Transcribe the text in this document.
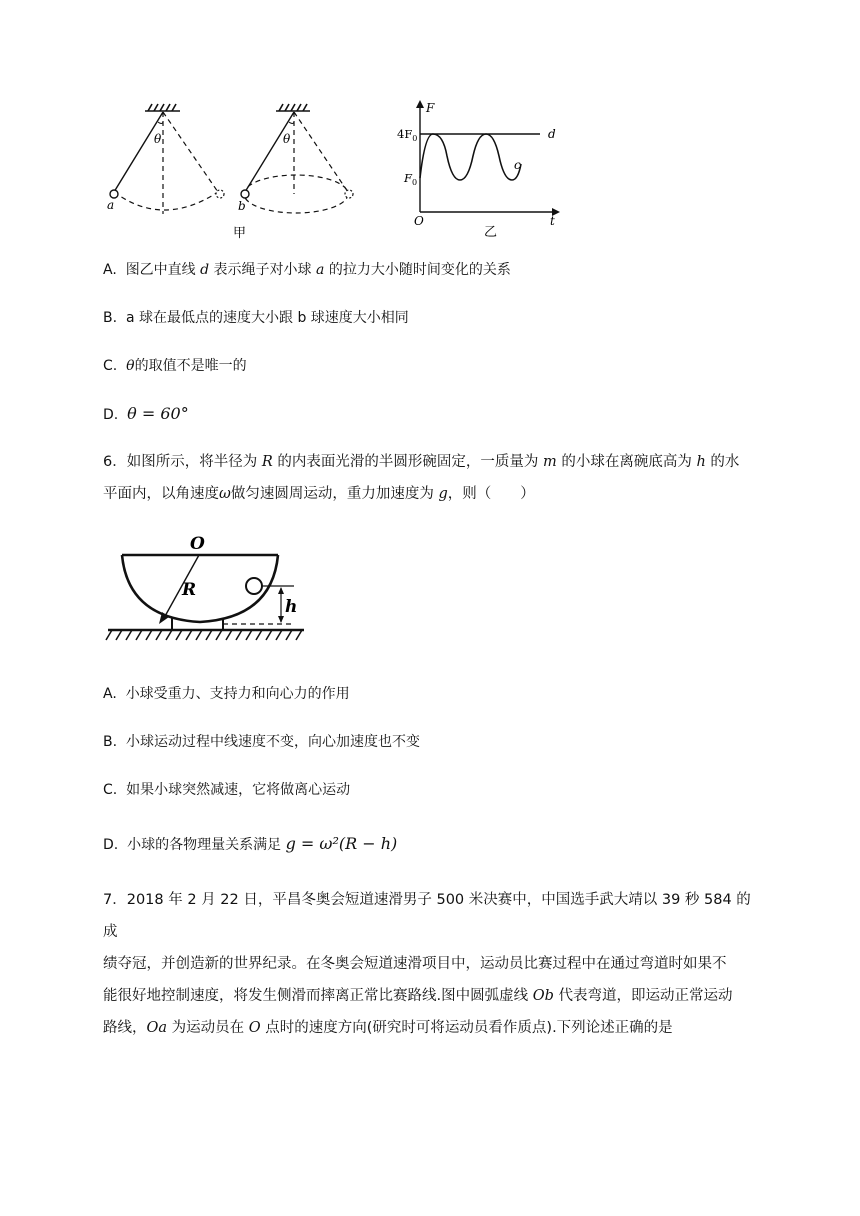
θ
a
甲
θ
b
F
$4F_0$
$F_0$
O	t
d
c
乙
A. 图乙中直线 d 表示绳子对小球 a 的拉力大小随时间变化的关系
B. a 球在最低点的速度大小跟 b 球速度大小相同
C. θ的取值不是唯一的
D. θ = 60°
6．如图所示，将半径为 R 的内表面光滑的半圆形碗固定，一质量为 m 的小球在离碗底高为 h 的水
平面内，以角速度ω做匀速圆周运动，重力加速度为 g，则（　　）
O
R
h
A. 小球受重力、支持力和向心力的作用
B. 小球运动过程中线速度不变，向心加速度也不变
C. 如果小球突然减速，它将做离心运动
D. 小球的各物理量关系满足 g = ω²(R − h)
7．2018 年 2 月 22 日，平昌冬奥会短道速滑男子 500 米决赛中，中国选手武大靖以 39 秒 584 的成
绩夺冠，并创造新的世界纪录。在冬奥会短道速滑项目中，运动员比赛过程中在通过弯道时如果不
能很好地控制速度，将发生侧滑而摔离正常比赛路线.图中圆弧虚线 Ob 代表弯道，即运动正常运动
路线，Oa 为运动员在 O 点时的速度方向(研究时可将运动员看作质点).下列论述正确的是
